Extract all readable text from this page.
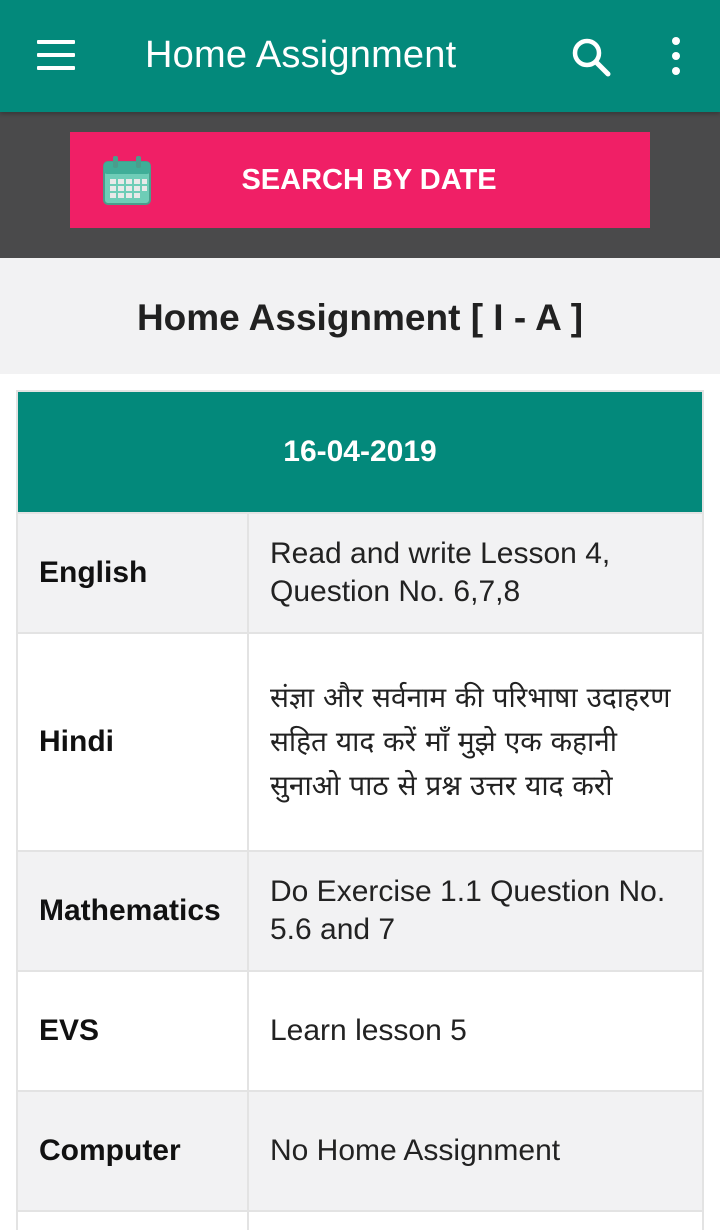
Home Assignment
SEARCH BY DATE
Home Assignment [ I - A ]
16-04-2019
English
Read and write Lesson 4, Question No. 6,7,8
Hindi
संज्ञा और सर्वनाम की परिभाषा उदाहरण सहित याद करें माँ मुझे एक कहानी सुनाओ पाठ से प्रश्न उत्तर याद करो
Mathematics
Do Exercise 1.1 Question No. 5.6 and 7
EVS	Learn lesson 5
Computer	No Home Assignment
